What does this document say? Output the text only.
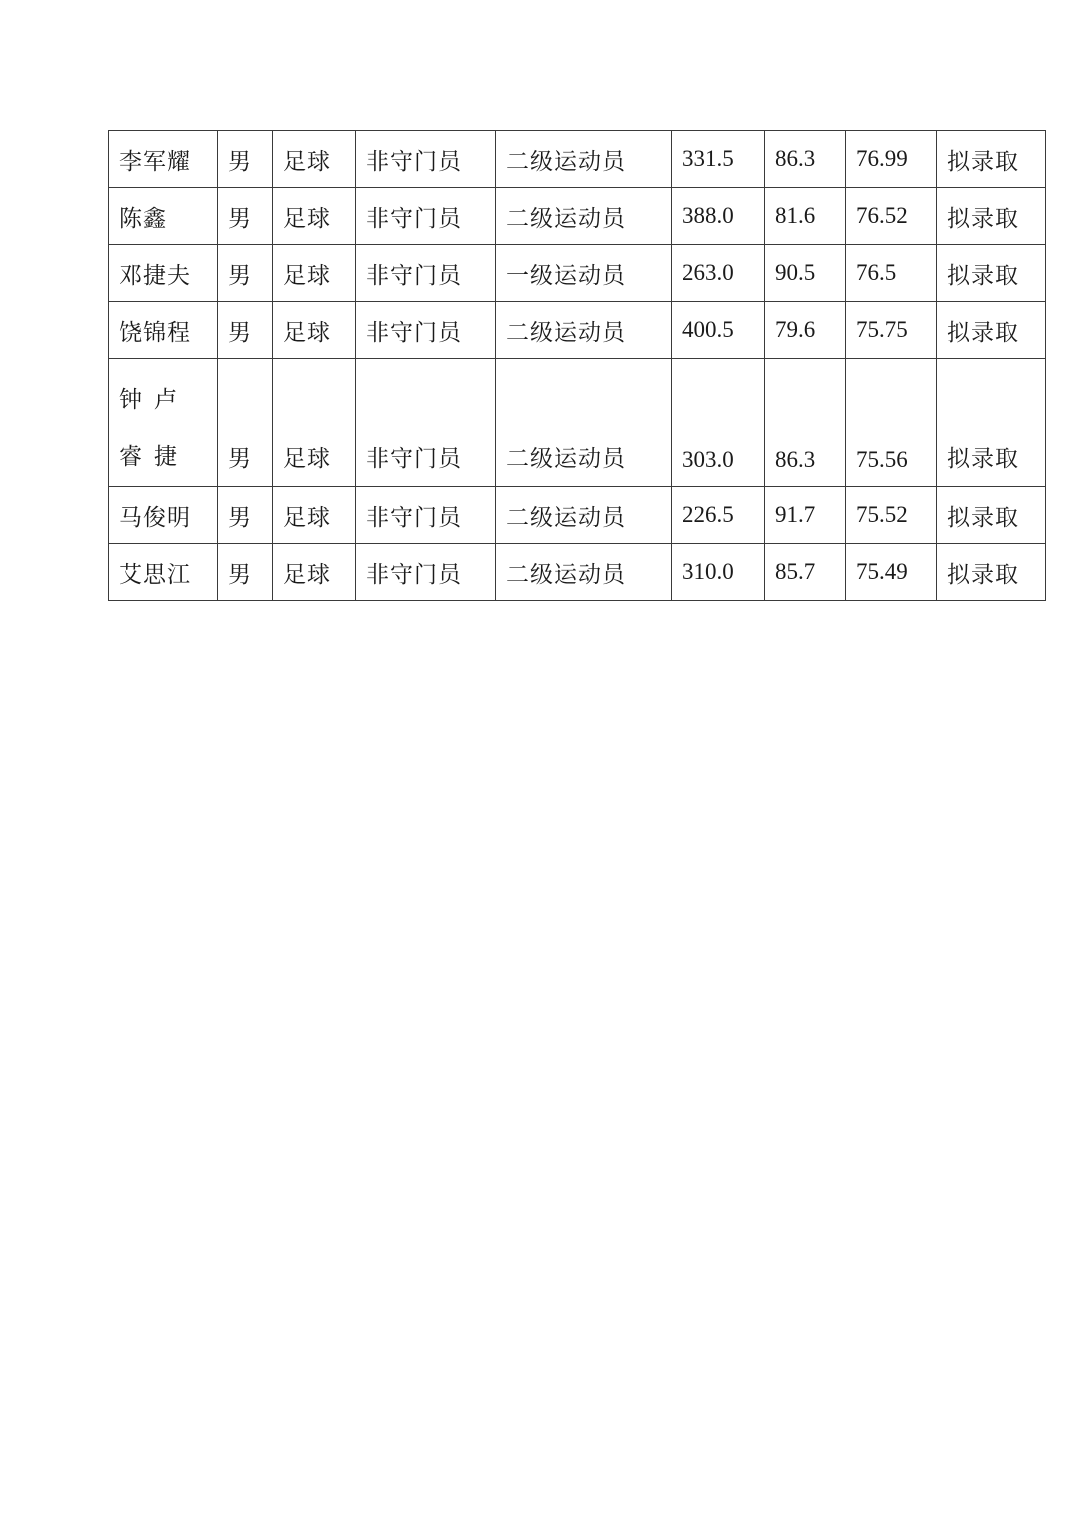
李军耀	男	足球	非守门员	二级运动员	331.5	86.3	76.99	拟录取
陈鑫	男	足球	非守门员	二级运动员	388.0	81.6	76.52	拟录取
邓捷夫	男	足球	非守门员	一级运动员	263.0	90.5	76.5	拟录取
饶锦程	男	足球	非守门员	二级运动员	400.5	79.6	75.75	拟录取
钟卢睿捷	男	足球	非守门员	二级运动员	303.0	86.3	75.56	拟录取
马俊明	男	足球	非守门员	二级运动员	226.5	91.7	75.52	拟录取
艾思江	男	足球	非守门员	二级运动员	310.0	85.7	75.49	拟录取
